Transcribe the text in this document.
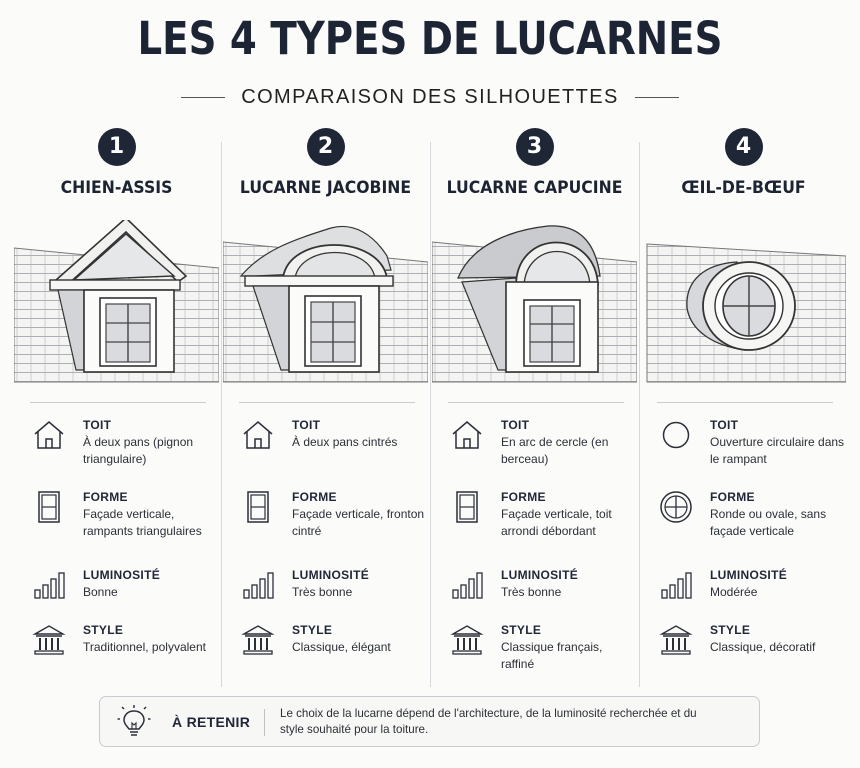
LES 4 TYPES DE LUCARNES
COMPARAISON DES SILHOUETTES
1
CHIEN-ASSIS
TOIT
À deux pans (pignon triangulaire)
FORME
Façade verticale, rampants triangulaires
LUMINOSITÉ
Bonne
STYLE
Traditionnel, polyvalent
2
LUCARNE JACOBINE
TOIT
À deux pans cintrés
FORME
Façade verticale, fronton cintré
LUMINOSITÉ
Très bonne
STYLE
Classique, élégant
3
LUCARNE CAPUCINE
TOIT
En arc de cercle (en berceau)
FORME
Façade verticale, toit arrondi débordant
LUMINOSITÉ
Très bonne
STYLE
Classique français, raffiné
4
ŒIL-DE-BŒUF
TOIT
Ouverture circulaire dans le rampant
FORME
Ronde ou ovale, sans façade verticale
LUMINOSITÉ
Modérée
STYLE
Classique, décoratif
À RETENIR
Le choix de la lucarne dépend de l'architecture, de la luminosité recherchée et du style souhaité pour la toiture.
